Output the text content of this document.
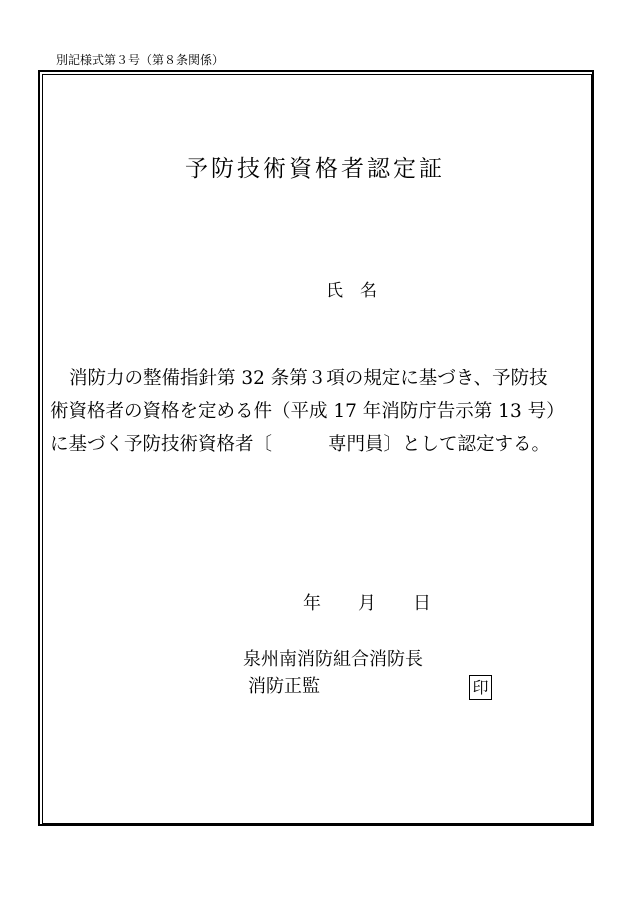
別記様式第３号（第８条関係）
予防技術資格者認定証
氏 名
消防力の整備指針第 32 条第３項の規定に基づき、予防技
術資格者の資格を定める件（平成 17 年消防庁告示第 13 号）
に基づく予防技術資格者〔	専門員〕として認定する。
年 月 日
泉州南消防組合消防長
消防正監	印
